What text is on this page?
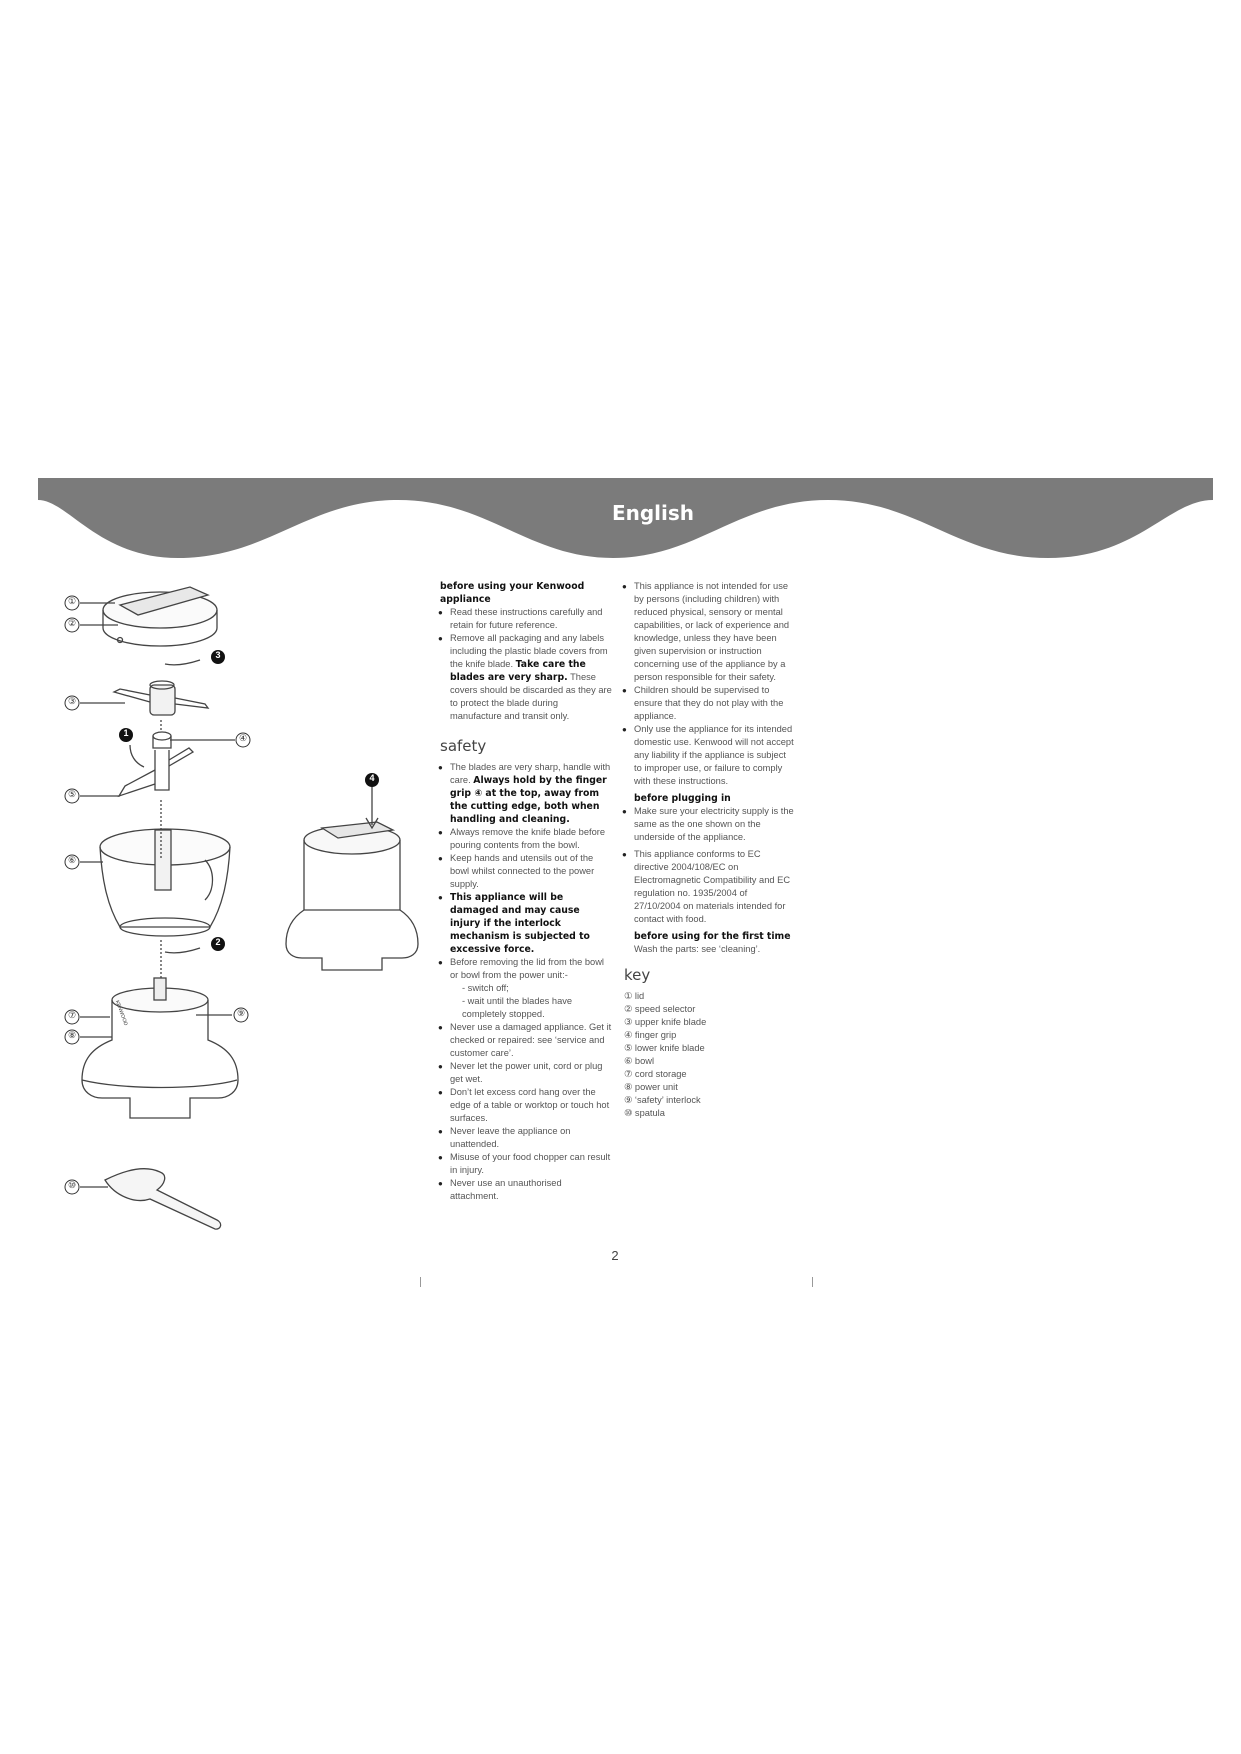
English
①
②
③
④
⑤
⑥
⑦
⑧
⑨
⑩
1
2
3
4
KENWOOD
before using your Kenwood appliance
● Read these instructions carefully and retain for future reference.
● Remove all packaging and any labels including the plastic blade covers from the knife blade. Take care the blades are very sharp. These covers should be discarded as they are to protect the blade during manufacture and transit only.
safety
● The blades are very sharp, handle with care. Always hold by the finger grip ④ at the top, away from the cutting edge, both when handling and cleaning.
● Always remove the knife blade before pouring contents from the bowl.
● Keep hands and utensils out of the bowl whilst connected to the power supply.
● This appliance will be damaged and may cause injury if the interlock mechanism is subjected to excessive force.
● Before removing the lid from the bowl or bowl from the power unit:-
- switch off;
- wait until the blades have completely stopped.
● Never use a damaged appliance. Get it checked or repaired: see ‘service and customer care’.
● Never let the power unit, cord or plug get wet.
● Don’t let excess cord hang over the edge of a table or worktop or touch hot surfaces.
● Never leave the appliance on unattended.
● Misuse of your food chopper can result in injury.
● Never use an unauthorised attachment.
● This appliance is not intended for use by persons (including children) with reduced physical, sensory or mental capabilities, or lack of experience and knowledge, unless they have been given supervision or instruction concerning use of the appliance by a person responsible for their safety.
● Children should be supervised to ensure that they do not play with the appliance.
● Only use the appliance for its intended domestic use. Kenwood will not accept any liability if the appliance is subject to improper use, or failure to comply with these instructions.
before plugging in
● Make sure your electricity supply is the same as the one shown on the underside of the appliance.
● This appliance conforms to EC directive 2004/108/EC on Electromagnetic Compatibility and EC regulation no. 1935/2004 of 27/10/2004 on materials intended for contact with food.
before using for the first time
Wash the parts: see ‘cleaning’.
key
① lid
② speed selector
③ upper knife blade
④ finger grip
⑤ lower knife blade
⑥ bowl
⑦ cord storage
⑧ power unit
⑨ ‘safety’ interlock
⑩ spatula
2
